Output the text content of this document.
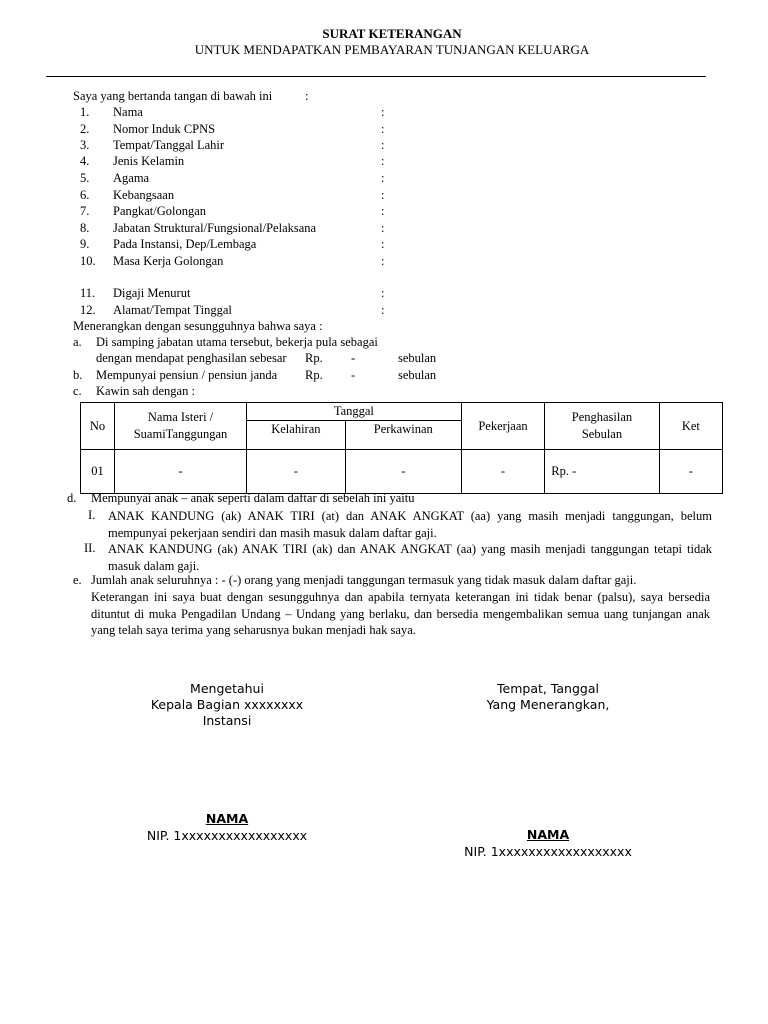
SURAT KETERANGAN
UNTUK MENDAPATKAN PEMBAYARAN TUNJANGAN KELUARGA
Saya yang bertanda tangan di bawah ini	:
1. Nama	:
2. Nomor Induk CPNS	:
3. Tempat/Tanggal Lahir	:
4. Jenis Kelamin	:
5. Agama	:
6. Kebangsaan	:
7. Pangkat/Golongan	:
8. Jabatan Struktural/Fungsional/Pelaksana	:
9. Pada Instansi, Dep/Lembaga	:
10. Masa Kerja Golongan	:
11. Digaji Menurut	:
12. Alamat/Tempat Tinggal	:
Menerangkan dengan sesungguhnya bahwa saya :
a. Di samping jabatan utama tersebut, bekerja pula sebagai
dengan mendapat penghasilan sebesar Rp. -	sebulan
b. Mempunyai pensiun / pensiun janda Rp. -	sebulan
c. Kawin sah dengan :
No	Nama Isteri / SuamiTanggungan	Tanggal		Pekerjaan	Penghasilan Sebulan	Ket
		Kelahiran	Perkawinan			
01	-	-	-	-	Rp. -	-
d. Mempunyai anak – anak seperti dalam daftar di sebelah ini yaitu
I. ANAK KANDUNG (ak) ANAK TIRI (at) dan ANAK ANGKAT (aa) yang masih menjadi tanggungan, belum mempunyai pekerjaan sendiri dan masih masuk dalam daftar gaji.
II. ANAK KANDUNG (ak) ANAK TIRI (ak) dan ANAK ANGKAT (aa) yang masih menjadi tanggungan tetapi tidak masuk dalam gaji.
e. Jumlah anak seluruhnya : - (-) orang yang menjadi tanggungan termasuk yang tidak masuk dalam daftar gaji.
Keterangan ini saya buat dengan sesungguhnya dan apabila ternyata keterangan ini tidak benar (palsu), saya bersedia dituntut di muka Pengadilan Undang – Undang yang berlaku, dan bersedia mengembalikan semua uang tunjangan anak yang telah saya terima yang seharusnya bukan menjadi hak saya.
Mengetahui
Kepala Bagian xxxxxxxx
Instansi
NAMA
NIP. 1xxxxxxxxxxxxxxxxx
Tempat, Tanggal
Yang Menerangkan,
NAMA
NIP. 1xxxxxxxxxxxxxxxxxx
